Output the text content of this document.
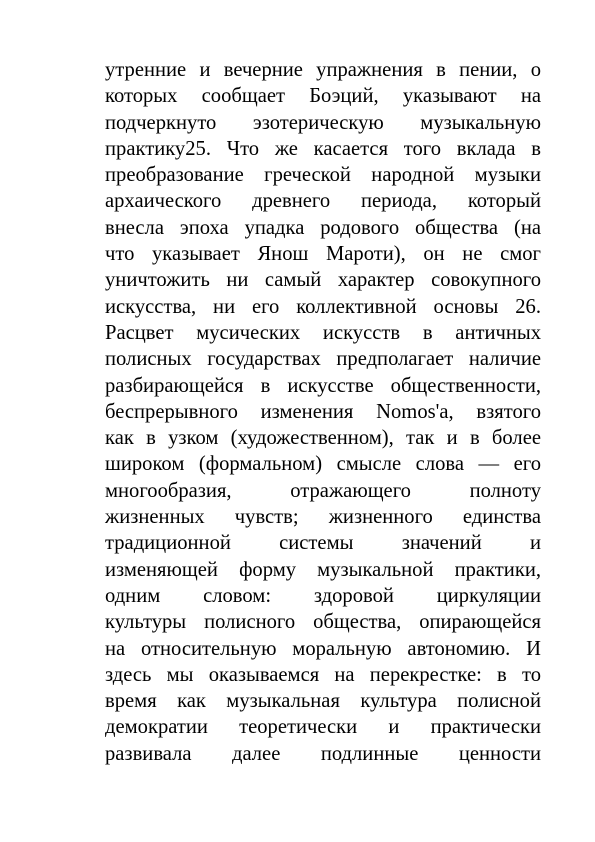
утренние и вечерние упражнения в пении, о
которых сообщает Боэций, указывают на
подчеркнуто эзотерическую музыкальную
практику25. Что же касается того вклада в
преобразование греческой народной музыки
архаического древнего периода, который
внесла эпоха упадка родового общества (на
что указывает Янош Мароти), он не смог
уничтожить ни самый характер совокупного
искусства, ни его коллективной основы 26.
Расцвет мусических искусств в античных
полисных государствах предполагает наличие
разбирающейся в искусстве общественности,
беспрерывного изменения Nomos'a, взятого
как в узком (художественном), так и в более
широком (формальном) смысле слова — его
многообразия, отражающего полноту
жизненных чувств; жизненного единства
традиционной системы значений и
изменяющей форму музыкальной практики,
одним словом: здоровой циркуляции
культуры полисного общества, опирающейся
на относительную моральную автономию. И
здесь мы оказываемся на перекрестке: в то
время как музыкальная культура полисной
демократии теоретически и практически
развивала далее подлинные ценности
